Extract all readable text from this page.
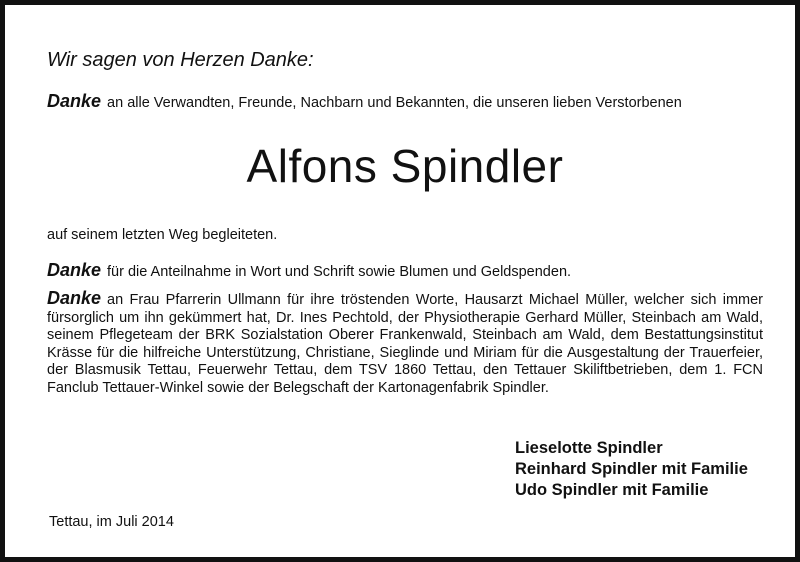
Wir sagen von Herzen Danke:
Danke an alle Verwandten, Freunde, Nachbarn und Bekannten, die unseren lieben Verstorbenen
Alfons Spindler
auf seinem letzten Weg begleiteten.
Danke für die Anteilnahme in Wort und Schrift sowie Blumen und Geldspenden.
Danke an Frau Pfarrerin Ullmann für ihre tröstenden Worte, Hausarzt Michael Müller, welcher sich immer fürsorglich um ihn gekümmert hat, Dr. Ines Pechtold, der Physiotherapie Gerhard Müller, Steinbach am Wald, seinem Pflegeteam der BRK Sozialstation Oberer Frankenwald, Steinbach am Wald, dem Bestattungsinstitut Krässe für die hilfreiche Unterstützung, Christiane, Sieglinde und Miriam für die Ausgestaltung der Trauerfeier, der Blasmusik Tettau, Feuerwehr Tettau, dem TSV 1860 Tettau, den Tettauer Skiliftbetrieben, dem 1. FCN Fanclub Tettauer-Winkel sowie der Belegschaft der Kartonagenfabrik Spindler.
Lieselotte Spindler
Reinhard Spindler mit Familie
Udo Spindler mit Familie
Tettau, im Juli 2014
